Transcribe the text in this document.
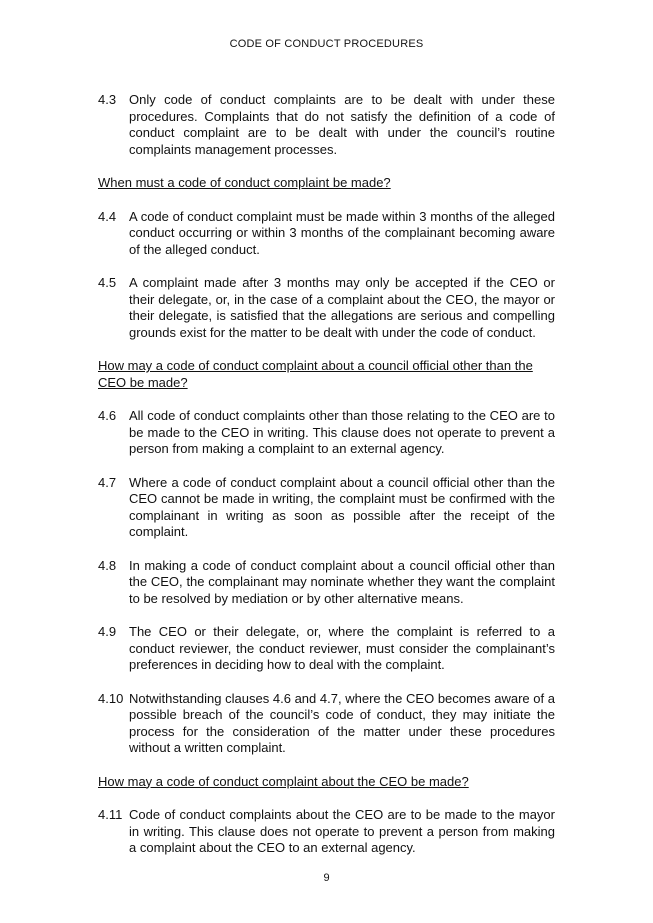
CODE OF CONDUCT PROCEDURES
4.3 Only code of conduct complaints are to be dealt with under these procedures. Complaints that do not satisfy the definition of a code of conduct complaint are to be dealt with under the council’s routine complaints management processes.
When must a code of conduct complaint be made?
4.4 A code of conduct complaint must be made within 3 months of the alleged conduct occurring or within 3 months of the complainant becoming aware of the alleged conduct.
4.5 A complaint made after 3 months may only be accepted if the CEO or their delegate, or, in the case of a complaint about the CEO, the mayor or their delegate, is satisfied that the allegations are serious and compelling grounds exist for the matter to be dealt with under the code of conduct.
How may a code of conduct complaint about a council official other than the CEO be made?
4.6 All code of conduct complaints other than those relating to the CEO are to be made to the CEO in writing. This clause does not operate to prevent a person from making a complaint to an external agency.
4.7 Where a code of conduct complaint about a council official other than the CEO cannot be made in writing, the complaint must be confirmed with the complainant in writing as soon as possible after the receipt of the complaint.
4.8 In making a code of conduct complaint about a council official other than the CEO, the complainant may nominate whether they want the complaint to be resolved by mediation or by other alternative means.
4.9 The CEO or their delegate, or, where the complaint is referred to a conduct reviewer, the conduct reviewer, must consider the complainant’s preferences in deciding how to deal with the complaint.
4.10 Notwithstanding clauses 4.6 and 4.7, where the CEO becomes aware of a possible breach of the council’s code of conduct, they may initiate the process for the consideration of the matter under these procedures without a written complaint.
How may a code of conduct complaint about the CEO be made?
4.11 Code of conduct complaints about the CEO are to be made to the mayor in writing. This clause does not operate to prevent a person from making a complaint about the CEO to an external agency.
9
